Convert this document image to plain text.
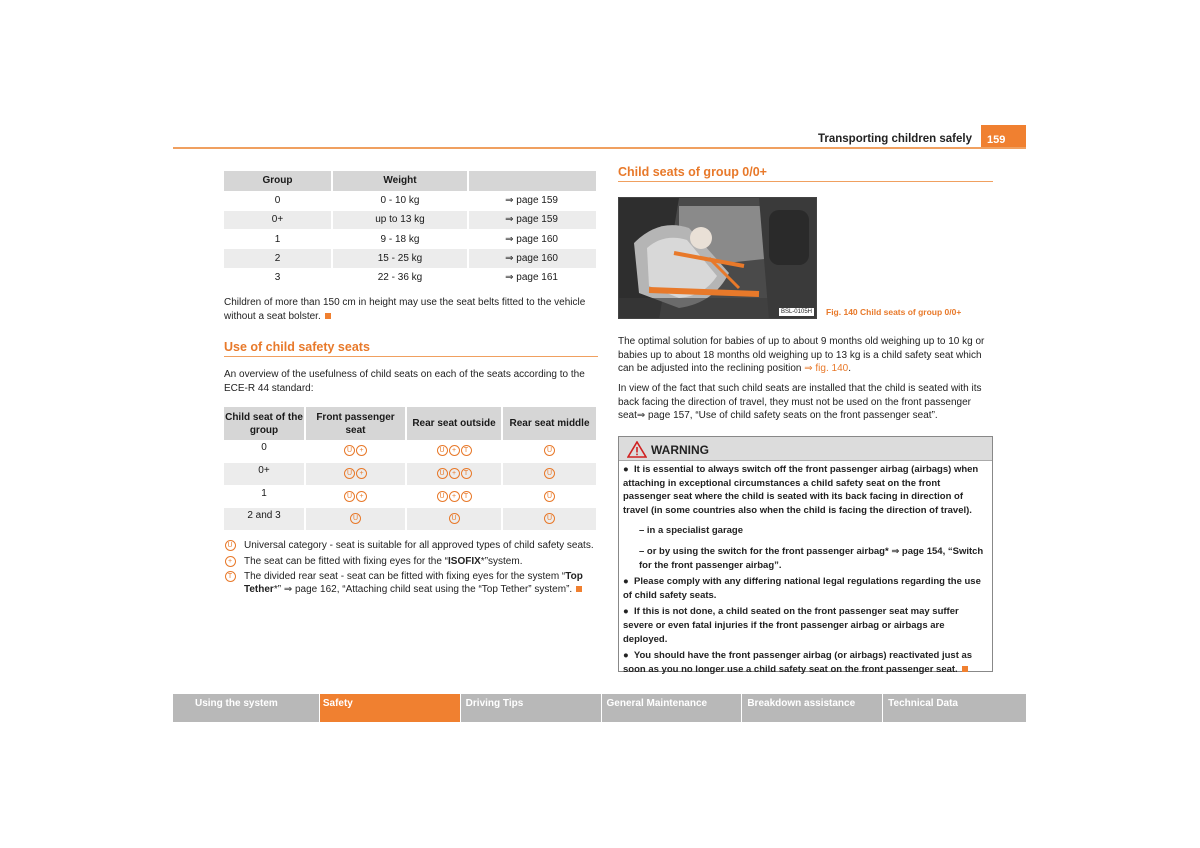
Transporting children safely	159
Group	Weight	
0	0 - 10 kg	⇒ page 159
0+	up to 13 kg	⇒ page 159
1	9 - 18 kg	⇒ page 160
2	15 - 25 kg	⇒ page 160
3	22 - 36 kg	⇒ page 161
Children of more than 150 cm in height may use the seat belts fitted to the vehicle without a seat bolster.
Use of child safety seats
An overview of the usefulness of child seats on each of the seats according to the ECE-R 44 standard:
Child seat of the group	Front passenger seat	Rear seat outside	Rear seat middle
0	U +	U + T	U
0+	U +	U + T	U
1	U +	U + T	U
2 and 3	U	U	U
U Universal category - seat is suitable for all approved types of child safety seats.
+	The seat can be fitted with fixing eyes for the “ISOFIX*”system.
T	The divided rear seat - seat can be fitted with fixing eyes for the system “Top Tether*” ⇒ page 162, “Attaching child seat using the “Top Tether” system”.
Child seats of group 0/0+
BSL-0105H Fig. 140 Child seats of group 0/0+
The optimal solution for babies of up to about 9 months old weighing up to 10 kg or babies up to about 18 months old weighing up to 13 kg is a child safety seat which can be adjusted into the reclining position ⇒ fig. 140.
In view of the fact that such child seats are installed that the child is seated with its back facing the direction of travel, they must not be used on the front passenger seat⇒ page 157, “Use of child safety seats on the front passenger seat”.
WARNING

●  It is essential to always switch off the front passenger airbag (airbags) when attaching in exceptional circumstances a child safety seat on the front passenger seat where the child is seated with its back facing in direction of travel (in some countries also when the child is facing the direction of travel).

– in a specialist garage

– or by using the switch for the front passenger airbag* ⇒ page 154, “Switch for the front passenger airbag”.

●  Please comply with any differing national legal regulations regarding the use of child safety seats.

●  If this is not done, a child seated on the front passenger seat may suffer severe or even fatal injuries if the front passenger airbag or airbags are deployed.

●  You should have the front passenger airbag (or airbags) reactivated just as soon as you no longer use a child safety seat on the front passenger seat.

Using the system	Safety	Driving Tips	General Maintenance	Breakdown assistance	Technical Data
